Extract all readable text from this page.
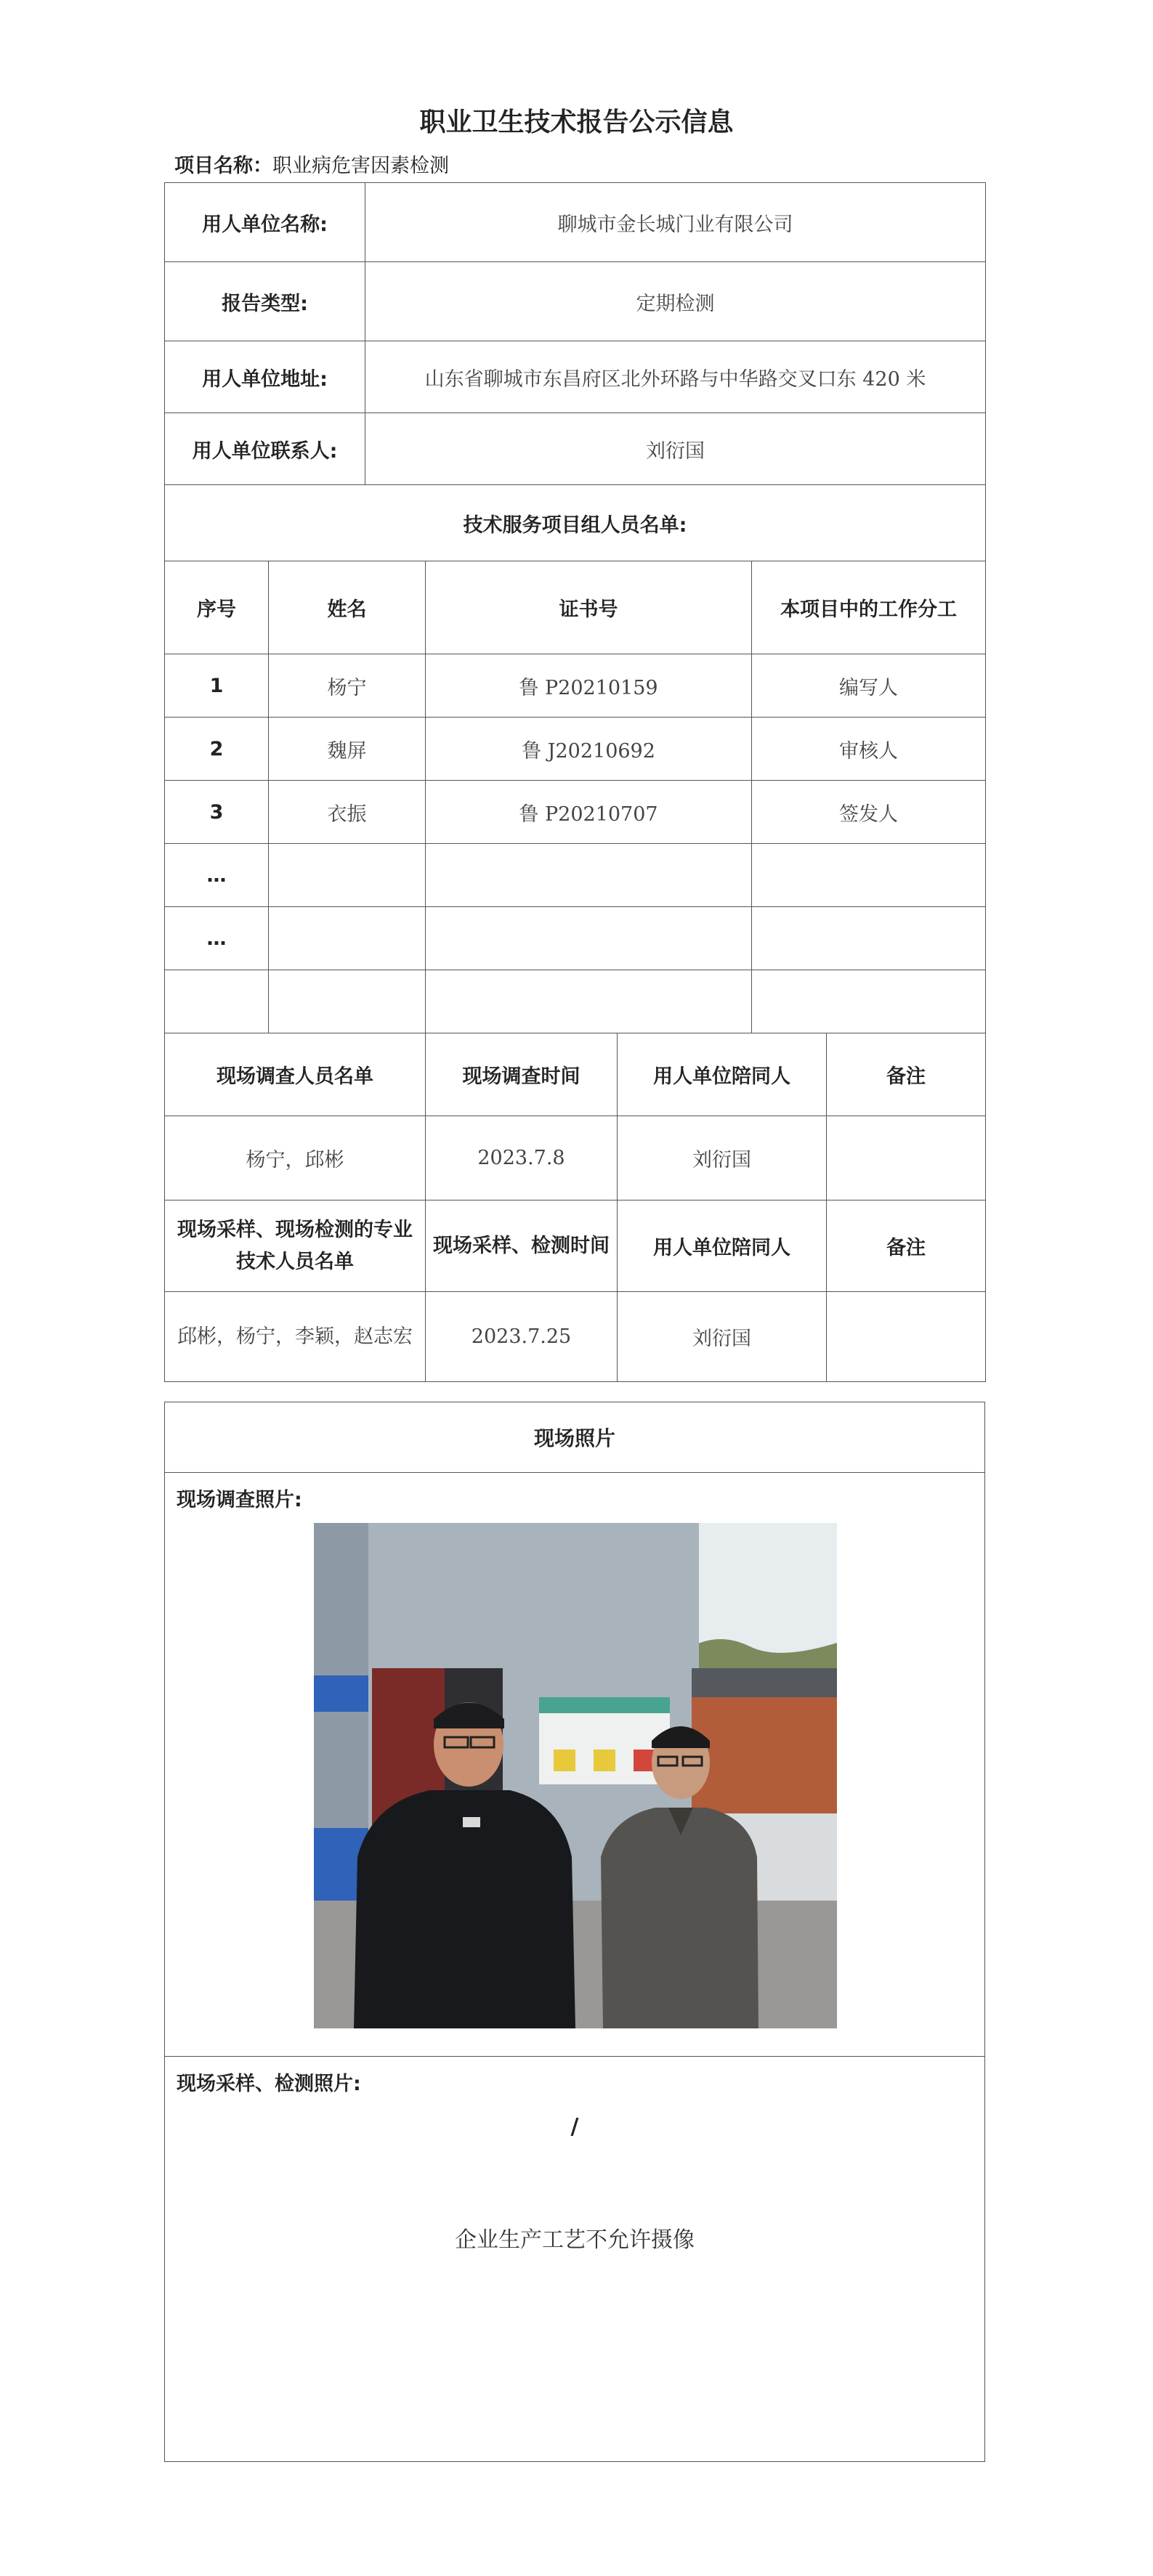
职业卫生技术报告公示信息
项目名称：职业病危害因素检测
用人单位名称:	聊城市金长城门业有限公司
报告类型:	定期检测
用人单位地址:	山东省聊城市东昌府区北外环路与中华路交叉口东 420 米
用人单位联系人:	刘衍国
技术服务项目组人员名单:	
序号	姓名	证书号	本项目中的工作分工
1	杨宁	鲁 P20210159	编写人
2	魏屏	鲁 J20210692	审核人
3	衣振	鲁 P20210707	签发人
…			
…			

现场调查人员名单	现场调查时间	用人单位陪同人	备注
杨宁，邱彬	2023.7.8	刘衍国	
现场采样、现场检测的专业技术人员名单	现场采样、检测时间	用人单位陪同人	备注
邱彬，杨宁，李颖，赵志宏	2023.7.25	刘衍国	
现场照片
现场调查照片:
现场采样、检测照片:
/
企业生产工艺不允许摄像
